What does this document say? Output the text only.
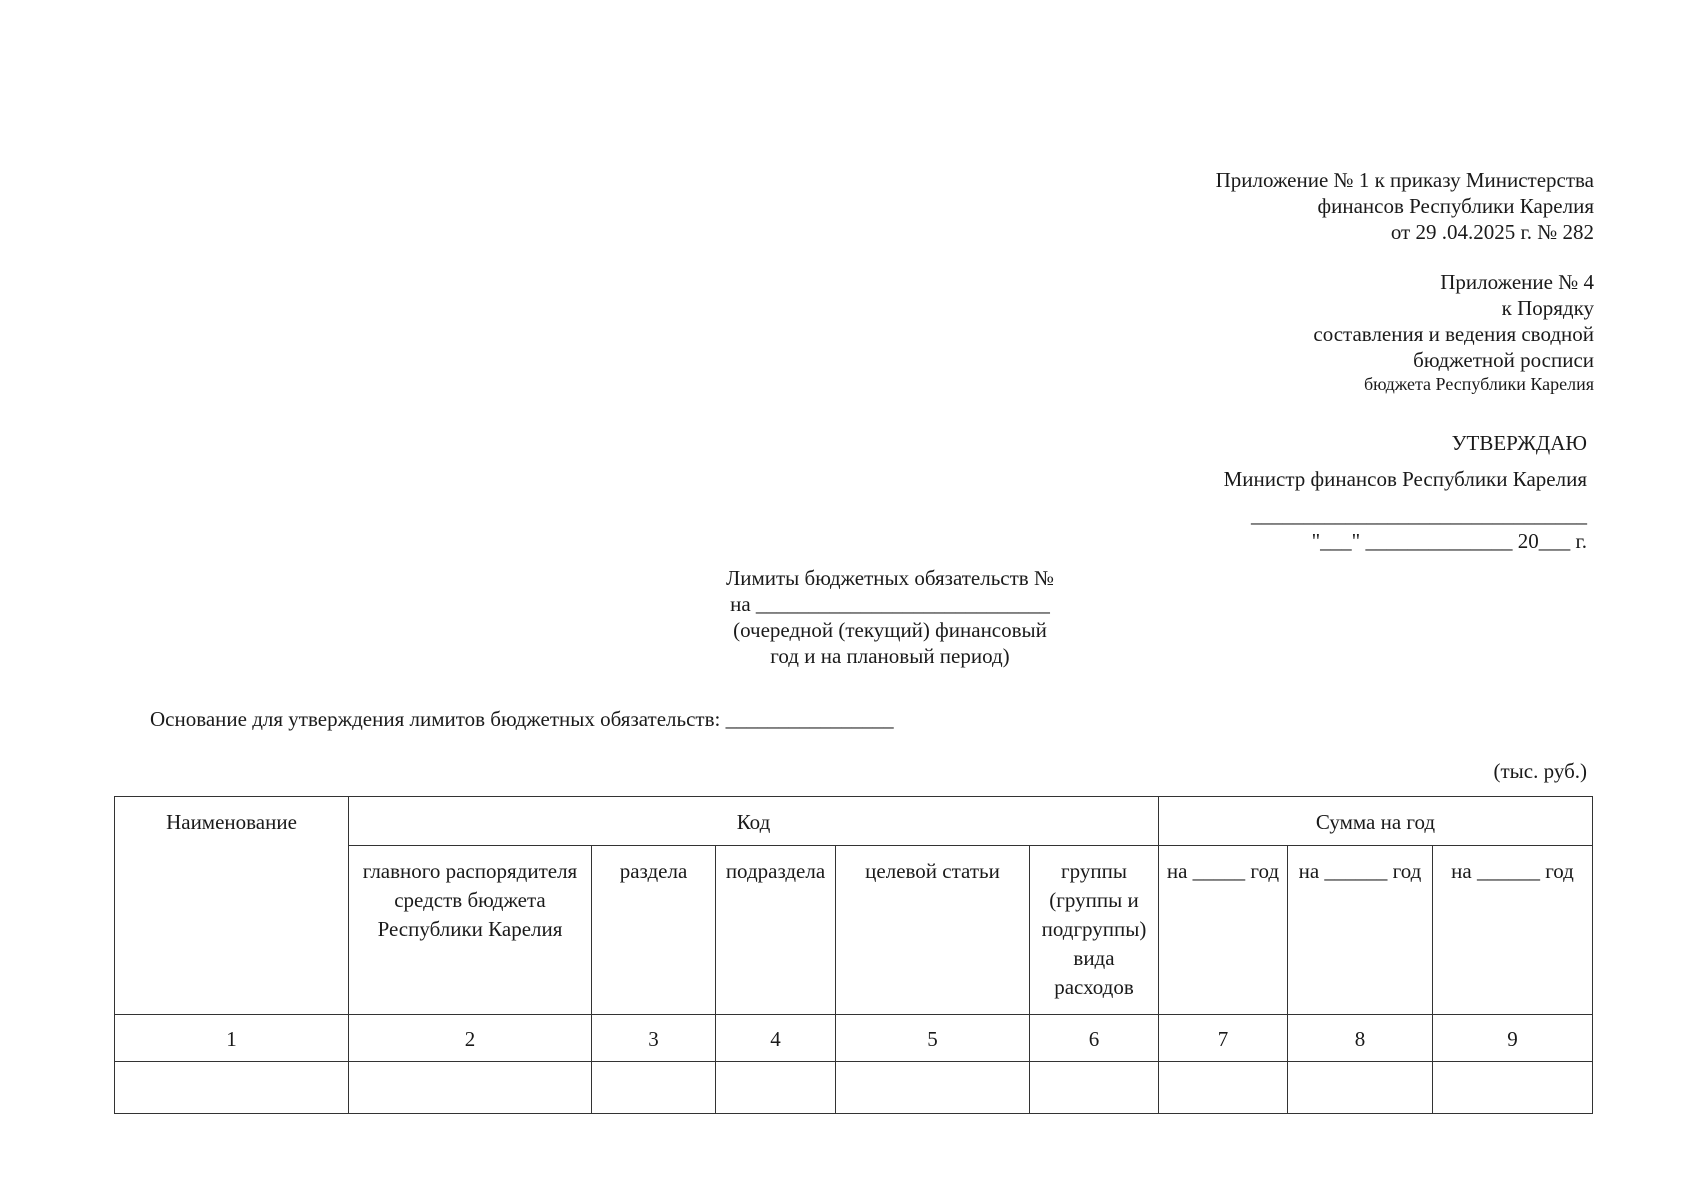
Приложение № 1 к приказу Министерства
финансов Республики Карелия
от 29 .04.2025 г. № 282
Приложение № 4
к Порядку
составления и ведения сводной
бюджетной росписи
бюджета Республики Карелия
УТВЕРЖДАЮ
Министр финансов Республики Карелия
________________________________
"___" ______________ 20___ г.
Лимиты бюджетных обязательств №
на ____________________________
(очередной (текущий) финансовый
год и на плановый период)
Основание для утверждения лимитов бюджетных обязательств: ________________
(тыс. руб.)
Наименование	Код					Сумма на год		
	главного распорядителя средств бюджета Республики Карелия	раздела	подраздела	целевой статьи	группы (группы и подгруппы) вида расходов	на _____ год	на ______ год	на ______ год
1	2	3	4	5	6	7	8	9
